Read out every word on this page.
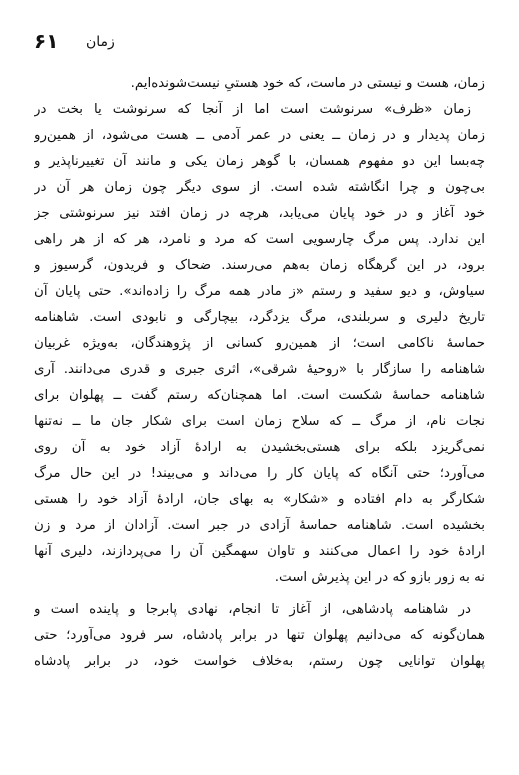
۶۱ زمان

زمان، هست و نیستی در ماست، که خود هستیِ نیست‌شونده‌ایم.

زمان «ظرف» سرنوشت است اما از آنجا که سرنوشت یا بخت در
زمان پدیدار و در زمان ــ یعنی در عمر آدمی ــ هست می‌شود، از همین‌رو
چه‌بسا این دو مفهوم همسان، با گوهر زمان یکی و مانند آن تغییرناپذیر و
بی‌چون و چرا انگاشته شده است. از سوی دیگر چون زمان هر آن در
خود آغاز و در خود پایان می‌یابد، هرچه در زمان افتد نیز سرنوشتی جز
این ندارد. پس مرگ چارسویی است که مرد و نامرد، هر که از هر راهی
برود، در این گرهگاه زمان به‌هم می‌رسند. ضحاک و فریدون، گرسیوز و
سیاوش، و دیو سفید و رستم «ز مادر همه مرگ را زاده‌اند». حتی پایان آن
تاریخ دلیری و سربلندی، مرگ یزدگرد، بیچارگی و نابودی است. شاهنامه
حماسهٔ ناکامی است؛ از همین‌رو کسانی از پژوهندگان، به‌ویژه غربیان
شاهنامه را سازگار با «روحیهٔ شرقی»، اثری جبری و قدری می‌دانند. آری
شاهنامه حماسهٔ شکست است. اما همچنان‌که رستم گفت ــ پهلوان برای
نجات نام، از مرگ ــ که سلاح زمان است برای شکار جان ما ــ نه‌تنها
نمی‌گریزد بلکه برای هستی‌بخشیدن به ارادهٔ آزاد خود به آن روی
می‌آورد؛ حتی آنگاه که پایان کار را می‌داند و می‌بیند! در این حال مرگ
شکارگر به دام افتاده و «شکار» به بهای جان، ارادهٔ آزاد خود را هستی
بخشیده است. شاهنامه حماسهٔ آزادی در جبر است. آزادان از مرد و زن
ارادهٔ خود را اعمال می‌کنند و تاوان سهمگین آن را می‌پردازند، دلیری آنها
نه به زور بازو که در این پذیرش است.

در شاهنامه پادشاهی، از آغاز تا انجام، نهادی پابرجا و پاینده است و
همان‌گونه که می‌دانیم پهلوان تنها در برابر پادشاه، سر فرود می‌آورد؛ حتی
پهلوان توانایی چون رستم، به‌خلاف خواست خود، در برابر پادشاه
